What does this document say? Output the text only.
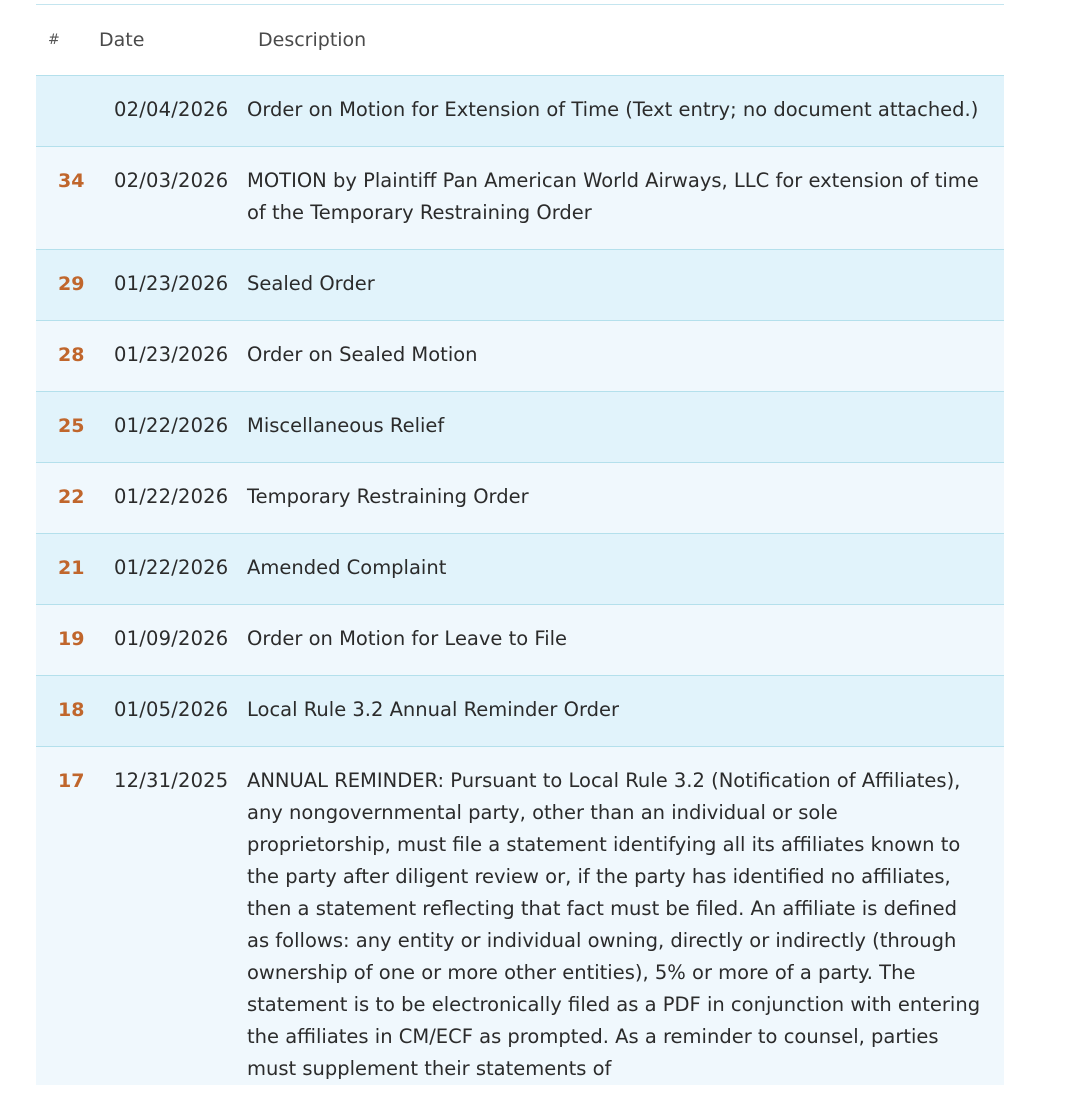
#	Date	Description
02/04/2026 Order on Motion for Extension of Time (Text entry; no document attached.)
34	02/03/2026 MOTION by Plaintiff Pan American World Airways, LLC for extension of time of the Temporary Restraining Order
29	01/23/2026 Sealed Order
28	01/23/2026 Order on Sealed Motion
25	01/22/2026 Miscellaneous Relief
22	01/22/2026 Temporary Restraining Order
21	01/22/2026 Amended Complaint
19	01/09/2026 Order on Motion for Leave to File
18	01/05/2026 Local Rule 3.2 Annual Reminder Order
17	12/31/2025 ANNUAL REMINDER: Pursuant to Local Rule 3.2 (Notification of Affiliates), any nongovernmental party, other than an individual or sole proprietorship, must file a statement identifying all its affiliates known to the party after diligent review or, if the party has identified no affiliates, then a statement reflecting that fact must be filed. An affiliate is defined as follows: any entity or individual owning, directly or indirectly (through ownership of one or more other entities), 5% or more of a party. The statement is to be electronically filed as a PDF in conjunction with entering the affiliates in CM/ECF as prompted. As a reminder to counsel, parties must supplement their statements of
